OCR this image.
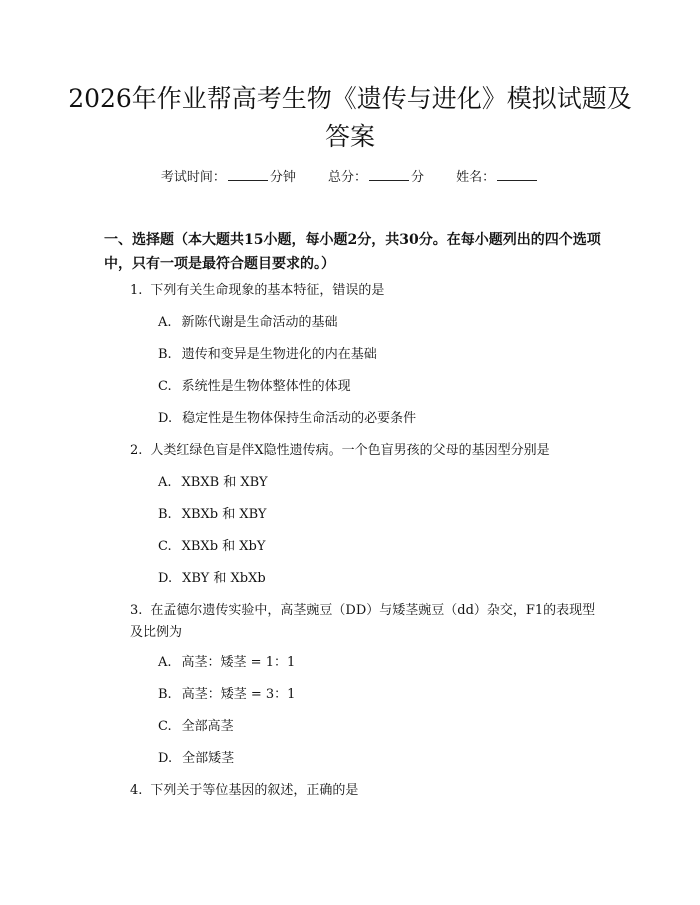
2026年作业帮高考生物《遗传与进化》模拟试题及答案
考试时间：	分钟 总分：	分 姓名：
一、选择题（本大题共15小题，每小题2分，共30分。在每小题列出的四个选项中，只有一项是最符合题目要求的。）

1. 下列有关生命现象的基本特征，错误的是

A. 新陈代谢是生命活动的基础

B. 遗传和变异是生物进化的内在基础

C. 系统性是生物体整体性的体现

D. 稳定性是生物体保持生命活动的必要条件

2. 人类红绿色盲是伴X隐性遗传病。一个色盲男孩的父母的基因型分别是

A. XBXB 和 XBY

B. XBXb 和 XBY

C. XBXb 和 XbY

D. XBY 和 XbXb

3. 在孟德尔遗传实验中，高茎豌豆（DD）与矮茎豌豆（dd）杂交，F1的表现型及比例为

A. 高茎：矮茎 = 1：1

B. 高茎：矮茎 = 3：1

C. 全部高茎

D. 全部矮茎

4. 下列关于等位基因的叙述，正确的是
